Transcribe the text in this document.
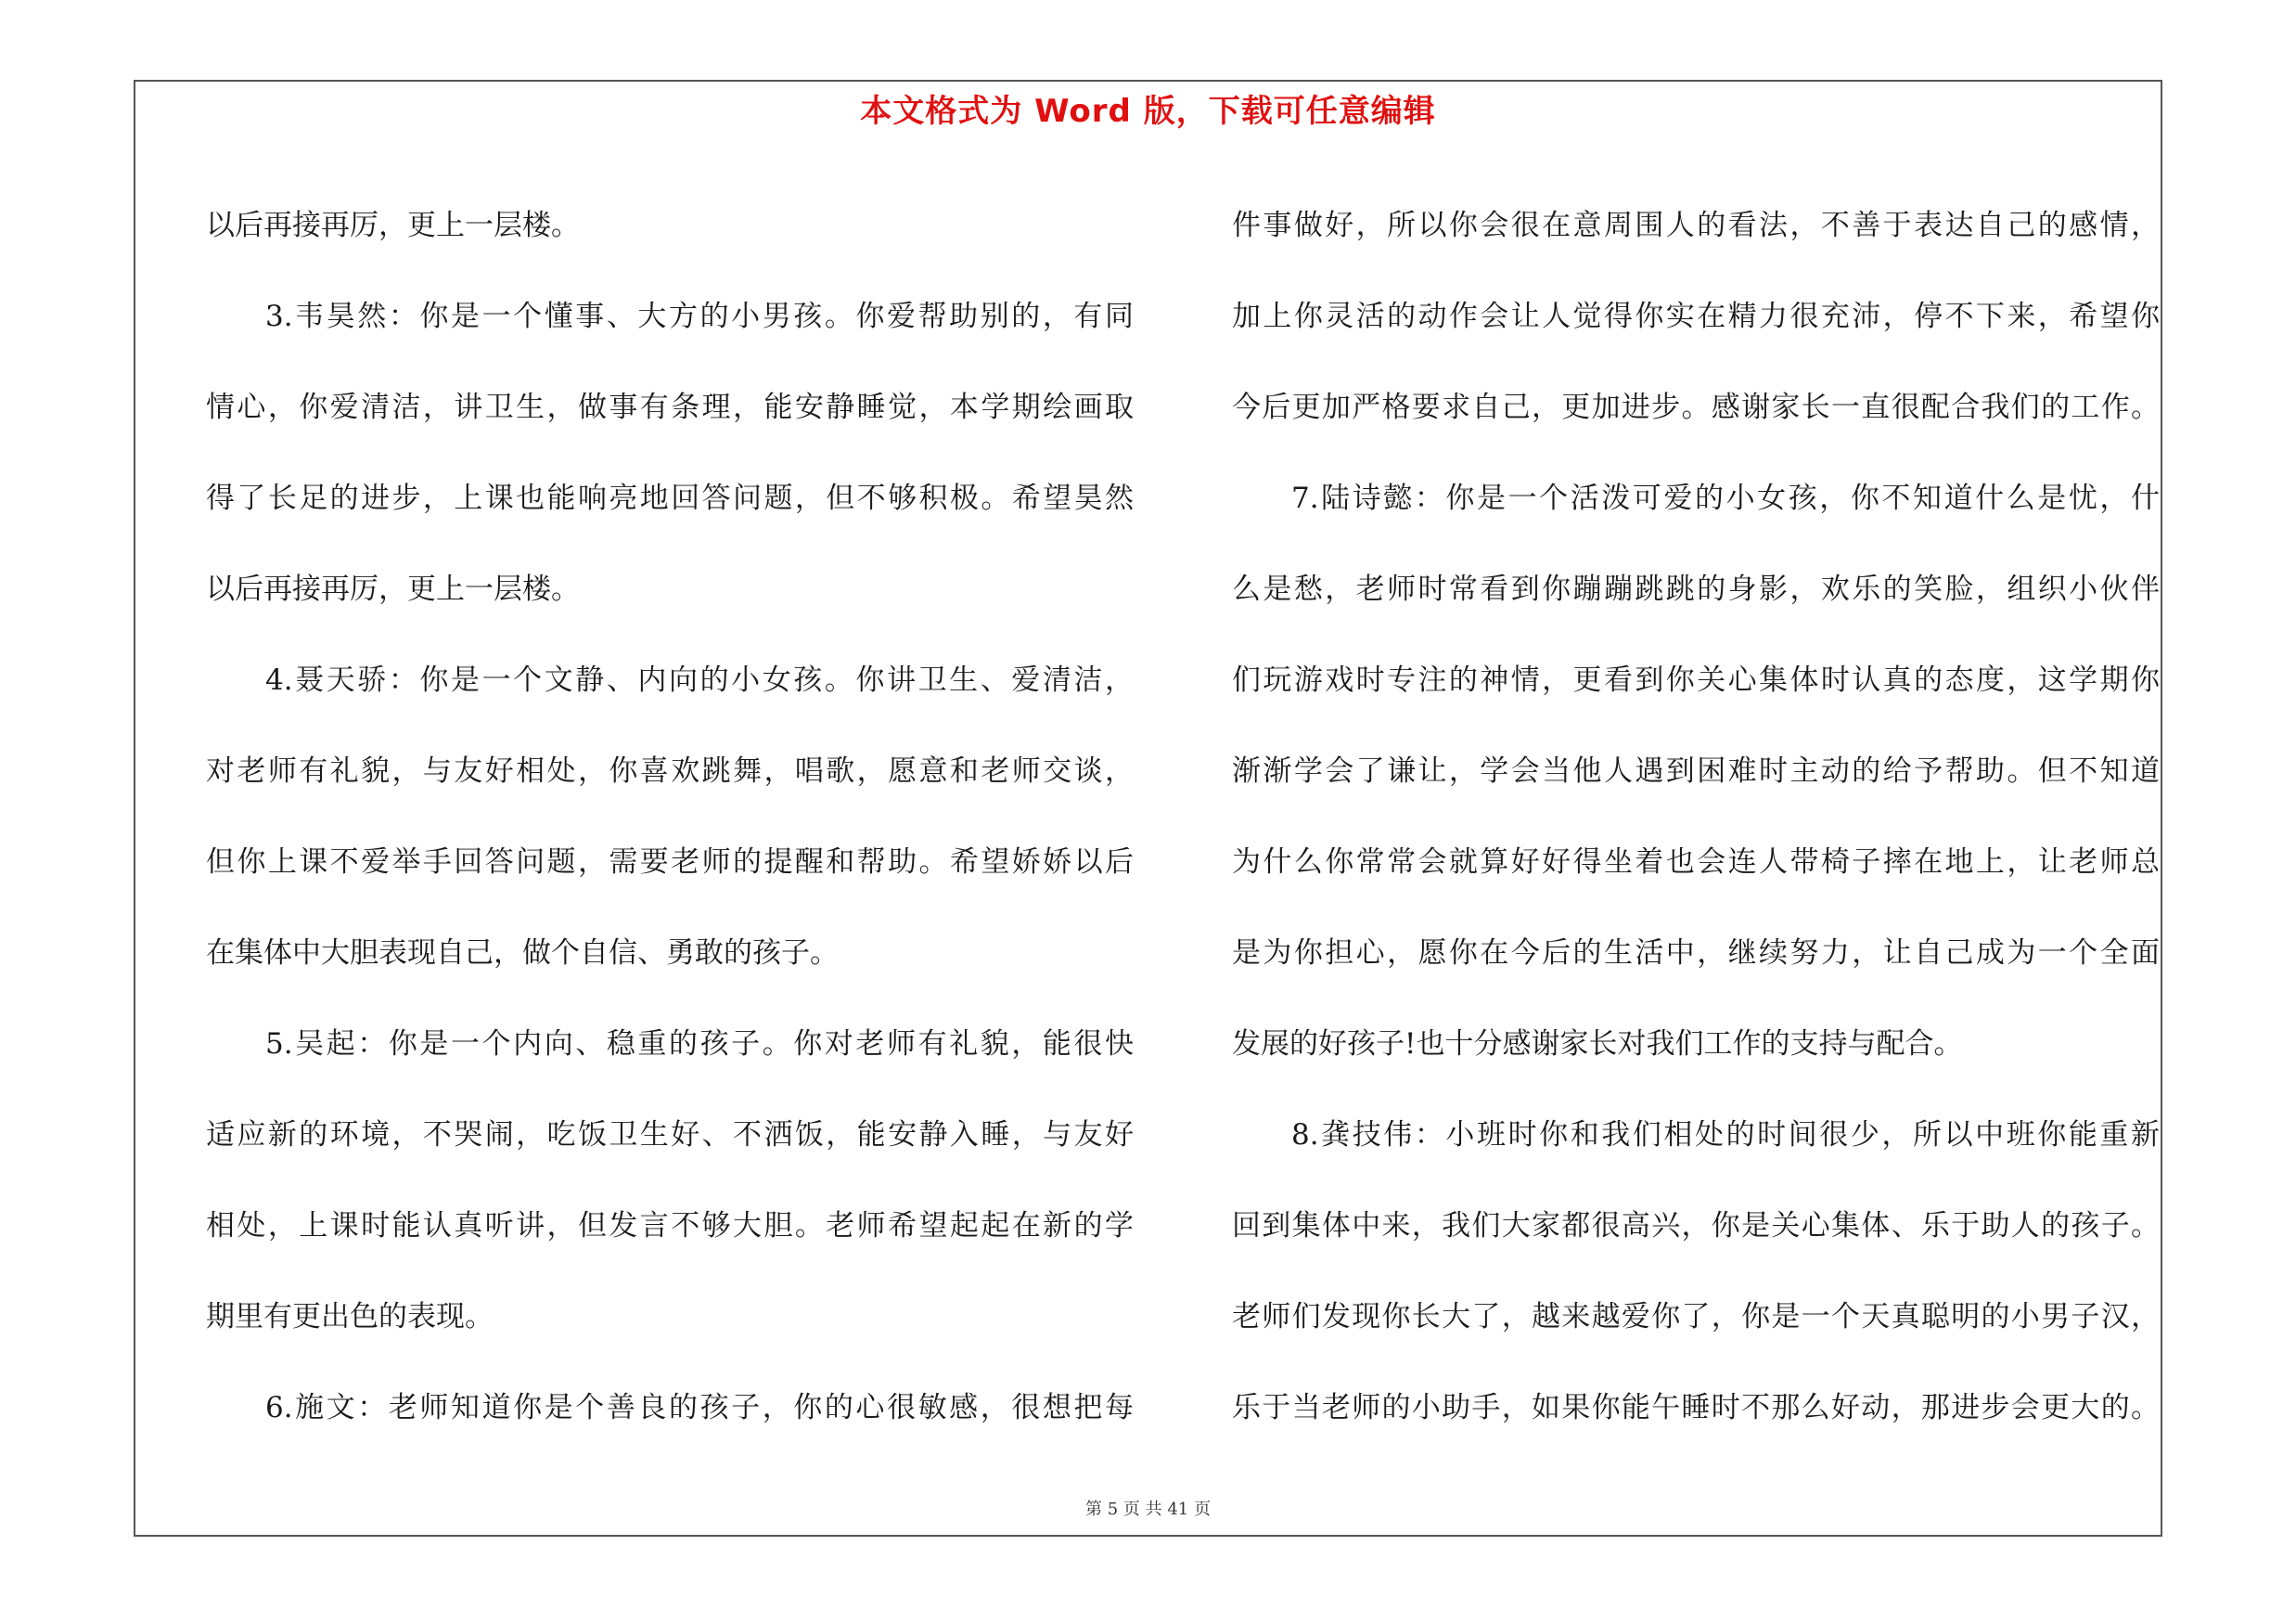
本文格式为 Word 版，下载可任意编辑
以后再接再厉，更上一层楼。
3.韦昊然：你是一个懂事、大方的小男孩。你爱帮助别的，有同
情心，你爱清洁，讲卫生，做事有条理，能安静睡觉，本学期绘画取
得了长足的进步，上课也能响亮地回答问题，但不够积极。希望昊然
以后再接再厉，更上一层楼。
4.聂天骄：你是一个文静、内向的小女孩。你讲卫生、爱清洁，
对老师有礼貌，与友好相处，你喜欢跳舞，唱歌，愿意和老师交谈，
但你上课不爱举手回答问题，需要老师的提醒和帮助。希望娇娇以后
在集体中大胆表现自己，做个自信、勇敢的孩子。
5.吴起：你是一个内向、稳重的孩子。你对老师有礼貌，能很快
适应新的环境，不哭闹，吃饭卫生好、不洒饭，能安静入睡，与友好
相处，上课时能认真听讲，但发言不够大胆。老师希望起起在新的学
期里有更出色的表现。
6.施文：老师知道你是个善良的孩子，你的心很敏感，很想把每
件事做好，所以你会很在意周围人的看法，不善于表达自己的感情，
加上你灵活的动作会让人觉得你实在精力很充沛，停不下来，希望你
今后更加严格要求自己，更加进步。感谢家长一直很配合我们的工作。
7.陆诗懿：你是一个活泼可爱的小女孩，你不知道什么是忧，什
么是愁，老师时常看到你蹦蹦跳跳的身影，欢乐的笑脸，组织小伙伴
们玩游戏时专注的神情，更看到你关心集体时认真的态度，这学期你
渐渐学会了谦让，学会当他人遇到困难时主动的给予帮助。但不知道
为什么你常常会就算好好得坐着也会连人带椅子摔在地上，让老师总
是为你担心，愿你在今后的生活中，继续努力，让自己成为一个全面
发展的好孩子!也十分感谢家长对我们工作的支持与配合。
8.龚技伟：小班时你和我们相处的时间很少，所以中班你能重新
回到集体中来，我们大家都很高兴，你是关心集体、乐于助人的孩子。
老师们发现你长大了，越来越爱你了，你是一个天真聪明的小男子汉，
乐于当老师的小助手，如果你能午睡时不那么好动，那进步会更大的。
第 5 页 共 41 页
